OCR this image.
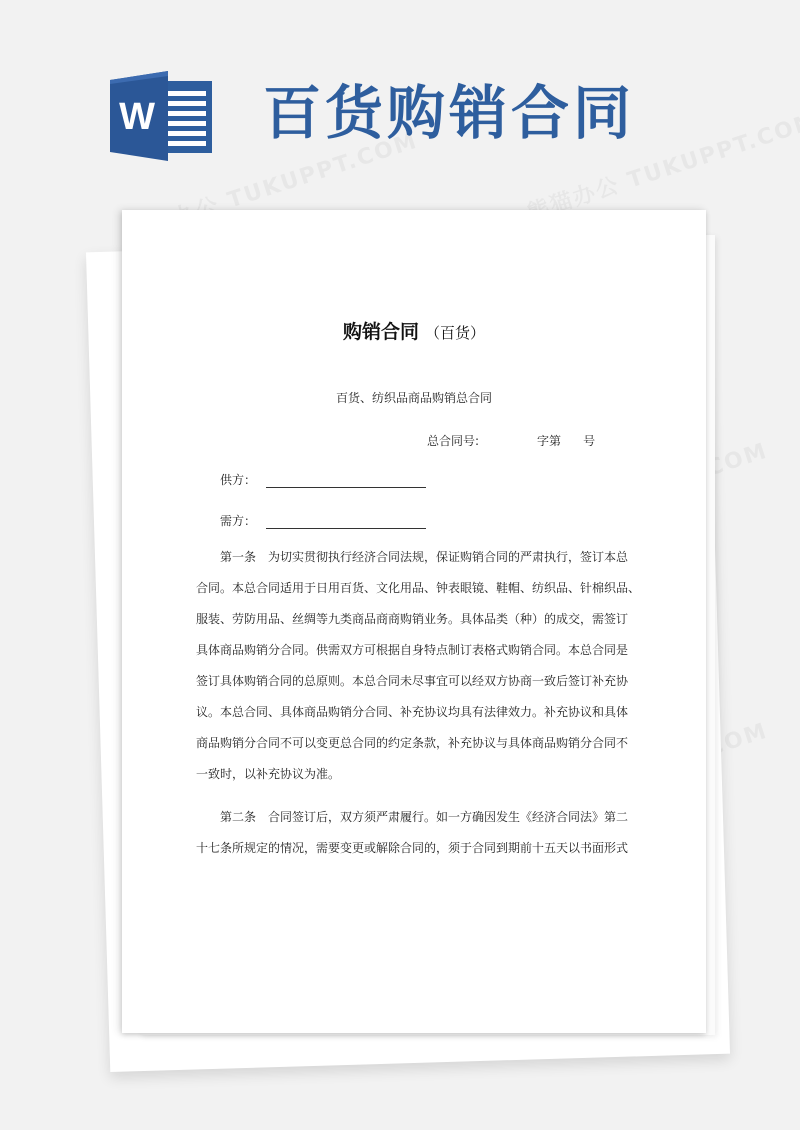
W 百货购销合同
购销合同 （百货）
百货、纺织品商品购销总合同
总合同号:	字第 号
供方：
需方：

第一条 为切实贯彻执行经济合同法规，保证购销合同的严肃执行，签订本总

合同。本总合同适用于日用百货、文化用品、钟表眼镜、鞋帽、纺织品、针棉织品、

服装、劳防用品、丝绸等九类商品商商购销业务。具体品类（种）的成交，需签订

具体商品购销分合同。供需双方可根据自身特点制订表格式购销合同。本总合同是

签订具体购销合同的总原则。本总合同未尽事宜可以经双方协商一致后签订补充协

议。本总合同、具体商品购销分合同、补充协议均具有法律效力。补充协议和具体

商品购销分合同不可以变更总合同的约定条款，补充协议与具体商品购销分合同不

一致时，以补充协议为准。

第二条 合同签订后，双方须严肃履行。如一方确因发生《经济合同法》第二

十七条所规定的情况，需要变更或解除合同的，须于合同到期前十五天以书面形式
